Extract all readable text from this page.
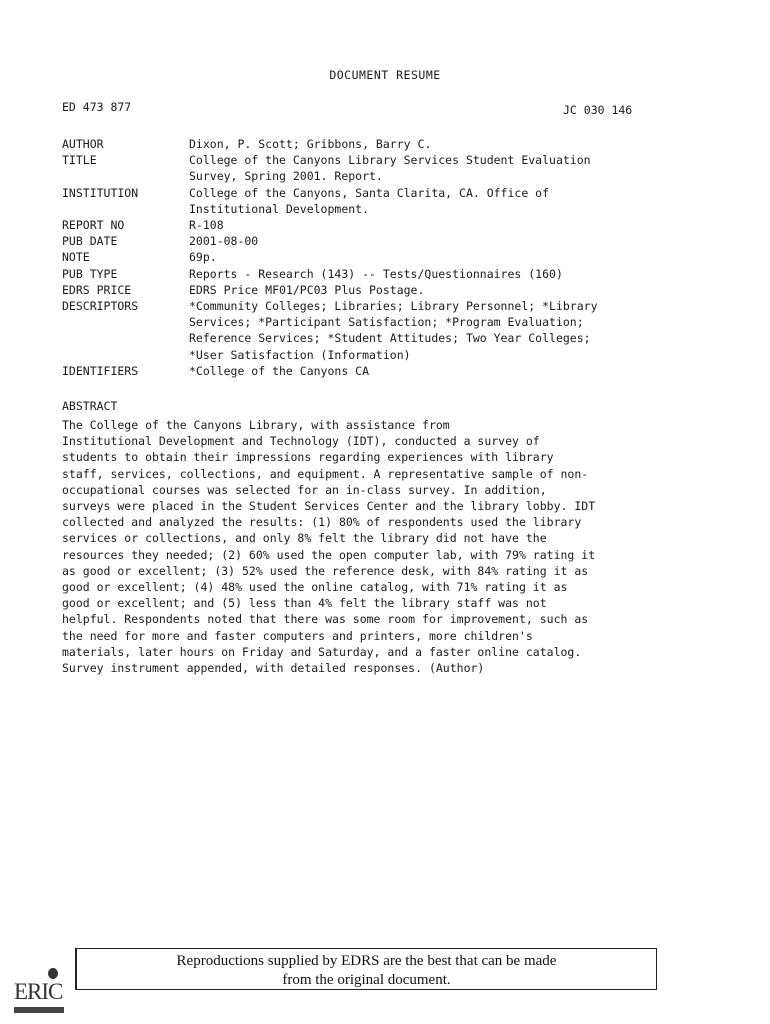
DOCUMENT RESUME
ED 473 877	JC 030 146
AUTHOR	Dixon, P. Scott; Gribbons, Barry C.
TITLE	College of the Canyons Library Services Student Evaluation
Survey, Spring 2001. Report.
INSTITUTION	College of the Canyons, Santa Clarita, CA. Office of
Institutional Development.
REPORT NO	R-108
PUB DATE	2001-08-00
NOTE	69p.
PUB TYPE	Reports - Research (143) -- Tests/Questionnaires (160)
EDRS PRICE	EDRS Price MF01/PC03 Plus Postage.
DESCRIPTORS	*Community Colleges; Libraries; Library Personnel; *Library
Services; *Participant Satisfaction; *Program Evaluation;
Reference Services; *Student Attitudes; Two Year Colleges;
*User Satisfaction (Information)
IDENTIFIERS	*College of the Canyons CA
ABSTRACT
The College of the Canyons Library, with assistance from
Institutional Development and Technology (IDT), conducted a survey of
students to obtain their impressions regarding experiences with library
staff, services, collections, and equipment. A representative sample of non-
occupational courses was selected for an in-class survey. In addition,
surveys were placed in the Student Services Center and the library lobby. IDT
collected and analyzed the results: (1) 80% of respondents used the library
services or collections, and only 8% felt the library did not have the
resources they needed; (2) 60% used the open computer lab, with 79% rating it
as good or excellent; (3) 52% used the reference desk, with 84% rating it as
good or excellent; (4) 48% used the online catalog, with 71% rating it as
good or excellent; and (5) less than 4% felt the library staff was not
helpful. Respondents noted that there was some room for improvement, such as
the need for more and faster computers and printers, more children's
materials, later hours on Friday and Saturday, and a faster online catalog.
Survey instrument appended, with detailed responses. (Author)
ERIC
Reproductions supplied by EDRS are the best that can be made
from the original document.
